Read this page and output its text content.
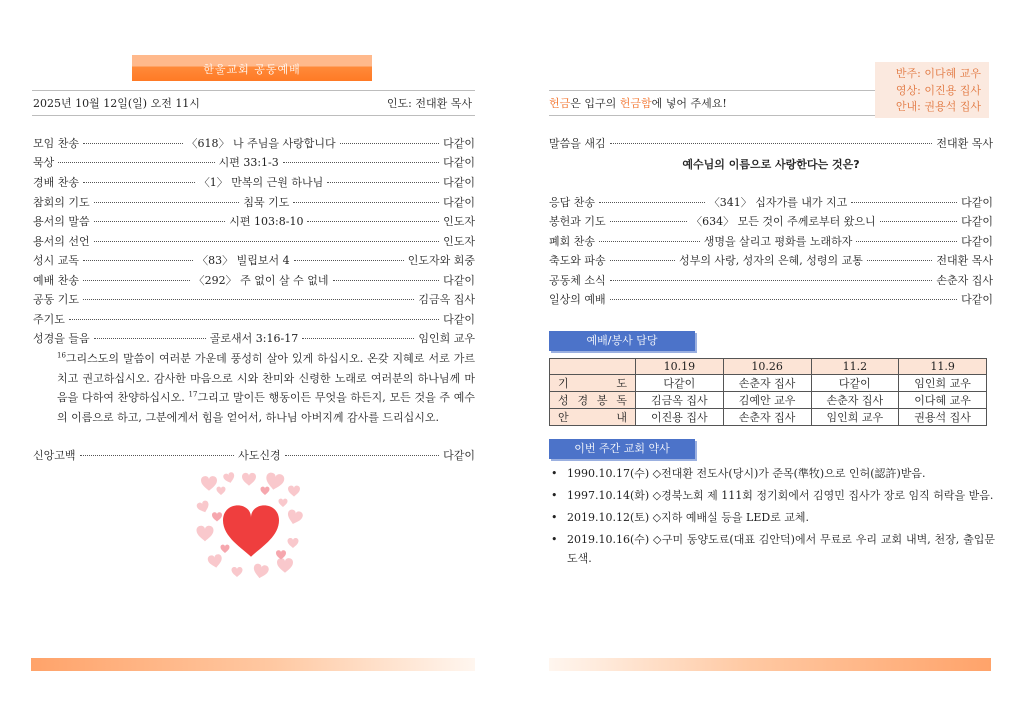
한울교회 공동예배
2025년 10월 12일(일) 오전 11시	인도: 전대환 목사
모임 찬송	〈618〉 나 주님을 사랑합니다	다같이
묵상	시편 33:1-3	다같이
경배 찬송	〈1〉 만복의 근원 하나님	다같이
참회의 기도	침묵 기도	다같이
용서의 말씀	시편 103:8-10	인도자
용서의 선언	인도자
성시 교독	〈83〉 빌립보서 4	인도자와 회중
예배 찬송	〈292〉 주 없이 살 수 없네	다같이
공동 기도	김금옥 집사
주기도	다같이
성경을 들음	골로새서 3:16-17	임인희 교우
$^{16}$그리스도의 말씀이 여러분 가운데 풍성히 살아 있게 하십시오. 온갖 지혜로 서로 가르치고 권고하십시오. 감사한 마음으로 시와 찬미와 신령한 노래로 여러분의 하나님께 마음을 다하여 찬양하십시오. $^{17}$그리고 말이든 행동이든 무엇을 하든지, 모든 것을 주 예수의 이름으로 하고, 그분에게서 힘을 얻어서, 하나님 아버지께 감사를 드리십시오.
신앙고백	사도신경	다같이
반주: 이다혜 교우
영상: 이진용 집사
안내: 권용석 집사
헌금은 입구의 헌금함에 넣어 주세요!
말씀을 새김	전대환 목사
예수님의 이름으로 사랑한다는 것은?
응답 찬송	〈341〉 십자가를 내가 지고	다같이
봉헌과 기도	〈634〉 모든 것이 주께로부터 왔으니	다같이
폐회 찬송	생명을 살리고 평화를 노래하자	다같이
축도와 파송	성부의 사랑, 성자의 은혜, 성령의 교통	전대환 목사
공동체 소식	손춘자 집사
일상의 예배	다같이
예배/봉사 담당
	10.19	10.26	11.2	11.9

기 도	다같이	손춘자 집사	다같이	임인희 교우

성 경 봉 독	김금옥 집사	김예안 교우	손춘자 집사	이다혜 교우

안 내	이진용 집사	손춘자 집사	임인희 교우	권용석 집사
이번 주간 교회 약사
• 1990.10.17(수) ◇전대환 전도사(당시)가 준목(準牧)으로 인허(認許)받음.
• 1997.10.14(화) ◇경북노회 제 111회 정기회에서 김영민 집사가 장로 임직 허락을 받음.
• 2019.10.12(토) ◇지하 예배실 등을 LED로 교체.
• 2019.10.16(수) ◇구미 동양도료(대표 김안덕)에서 무료로 우리 교회 내벽, 천장, 출입문 도색.
